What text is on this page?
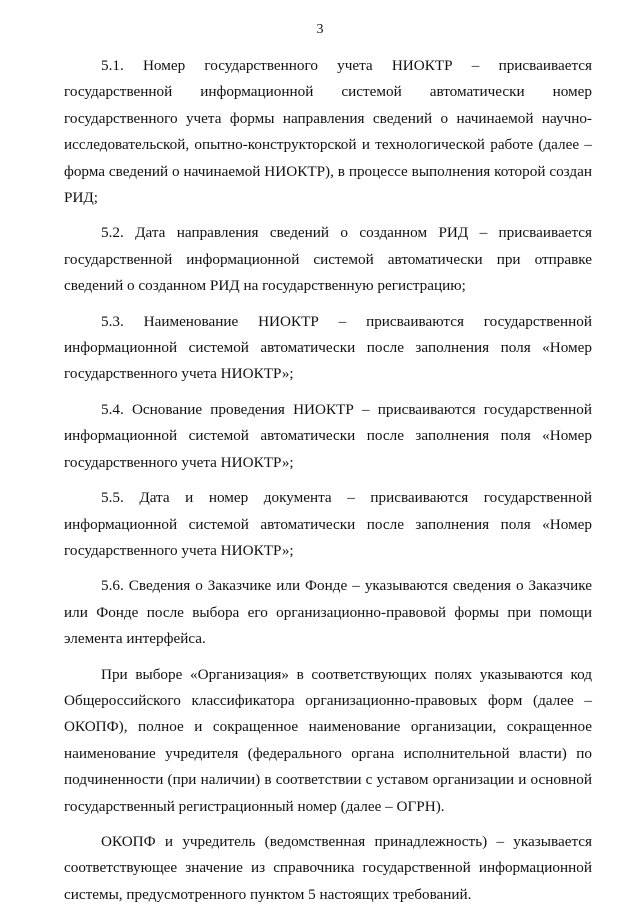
3

5.1. Номер государственного учета НИОКТР – присваивается государственной информационной системой автоматически номер государственного учета формы направления сведений о начинаемой научно-исследовательской, опытно-конструкторской и технологической работе (далее – форма сведений о начинаемой НИОКТР), в процессе выполнения которой создан РИД;

5.2. Дата направления сведений о созданном РИД – присваивается государственной информационной системой автоматически при отправке сведений о созданном РИД на государственную регистрацию;

5.3. Наименование НИОКТР – присваиваются государственной информационной системой автоматически после заполнения поля «Номер государственного учета НИОКТР»;

5.4. Основание проведения НИОКТР – присваиваются государственной информационной системой автоматически после заполнения поля «Номер государственного учета НИОКТР»;

5.5. Дата и номер документа – присваиваются государственной информационной системой автоматически после заполнения поля «Номер государственного учета НИОКТР»;

5.6. Сведения о Заказчике или Фонде – указываются сведения о Заказчике или Фонде после выбора его организационно-правовой формы при помощи элемента интерфейса.

При выборе «Организация» в соответствующих полях указываются код Общероссийского классификатора организационно-правовых форм (далее – ОКОПФ), полное и сокращенное наименование организации, сокращенное наименование учредителя (федерального органа исполнительной власти) по подчиненности (при наличии) в соответствии с уставом организации и основной государственный регистрационный номер (далее – ОГРН).

ОКОПФ и учредитель (ведомственная принадлежность) – указывается соответствующее значение из справочника государственной информационной системы, предусмотренного пунктом 5 настоящих требований.
